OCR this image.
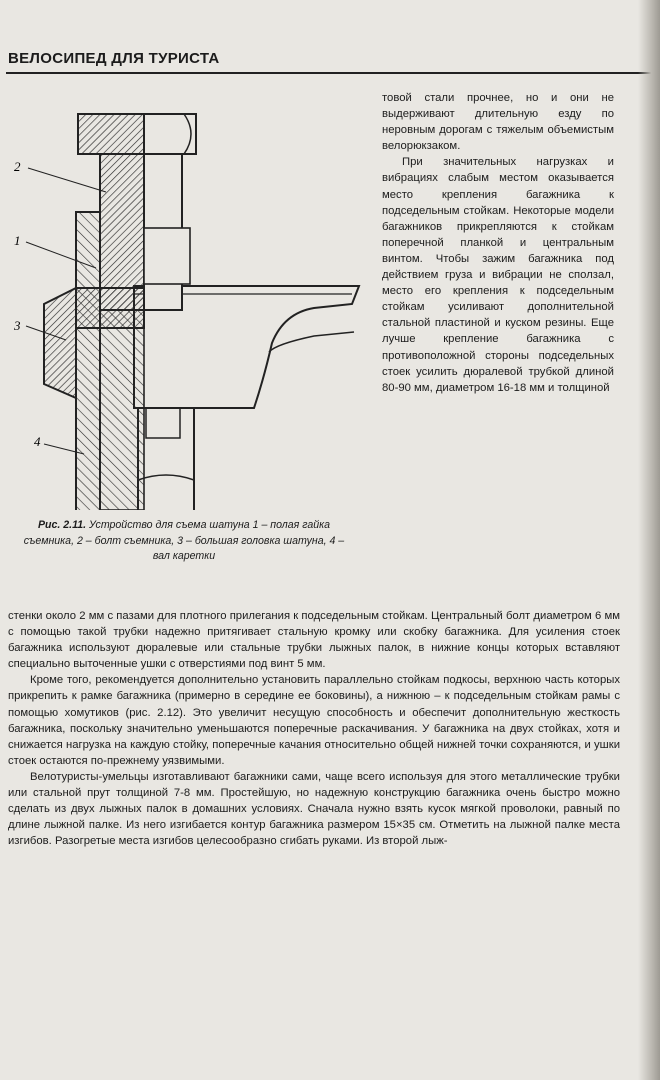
ВЕЛОСИПЕД ДЛЯ ТУРИСТА
2
1
3
4
Рис. 2.11. Устройство для съема шатуна 1 – полая гайка съемника, 2 – болт съемника, 3 – большая головка шатуна, 4 – вал каретки

товой стали прочнее, но и они не выдерживают длительную езду по неровным дорогам с тяжелым объемистым велорюкзаком.

При значительных нагрузках и вибрациях слабым местом оказывается место крепления багажника к подседельным стойкам. Некоторые модели багажников прикрепляются к стойкам поперечной планкой и центральным винтом. Чтобы зажим багажника под действием груза и вибрации не сползал, место его крепления к подседельным стойкам усиливают дополнительной стальной пластиной и куском резины. Еще лучше крепление багажника с противоположной стороны подседельных стоек усилить дюралевой трубкой длиной 80-90 мм, диаметром 16-18 мм и толщиной

стенки около 2 мм с пазами для плотного прилегания к подседельным стойкам. Центральный болт диаметром 6 мм с помощью такой трубки надежно притягивает стальную кромку или скобку багажника. Для усиления стоек багажника используют дюралевые или стальные трубки лыжных палок, в нижние концы которых вставляют специально выточенные ушки с отверстиями под винт 5 мм.

Кроме того, рекомендуется дополнительно установить параллельно стойкам подкосы, верхнюю часть которых прикрепить к рамке багажника (примерно в середине ее боковины), а нижнюю – к подседельным стойкам рамы с помощью хомутиков (рис. 2.12). Это увеличит несущую способность и обеспечит дополнительную жесткость багажника, поскольку значительно уменьшаются поперечные раскачивания. У багажника на двух стойках, хотя и снижается нагрузка на каждую стойку, поперечные качания относительно общей нижней точки сохраняются, и ушки стоек остаются по-прежнему уязвимыми.

Велотуристы-умельцы изготавливают багажники сами, чаще всего используя для этого металлические трубки или стальной прут толщиной 7-8 мм. Простейшую, но надежную конструкцию багажника очень быстро можно сделать из двух лыжных палок в домашних условиях. Сначала нужно взять кусок мягкой проволоки, равный по длине лыжной палке. Из него изгибается контур багажника размером 15×35 см. Отметить на лыжной палке места изгибов. Разогретые места изгибов целесообразно сгибать руками. Из второй лыж-
